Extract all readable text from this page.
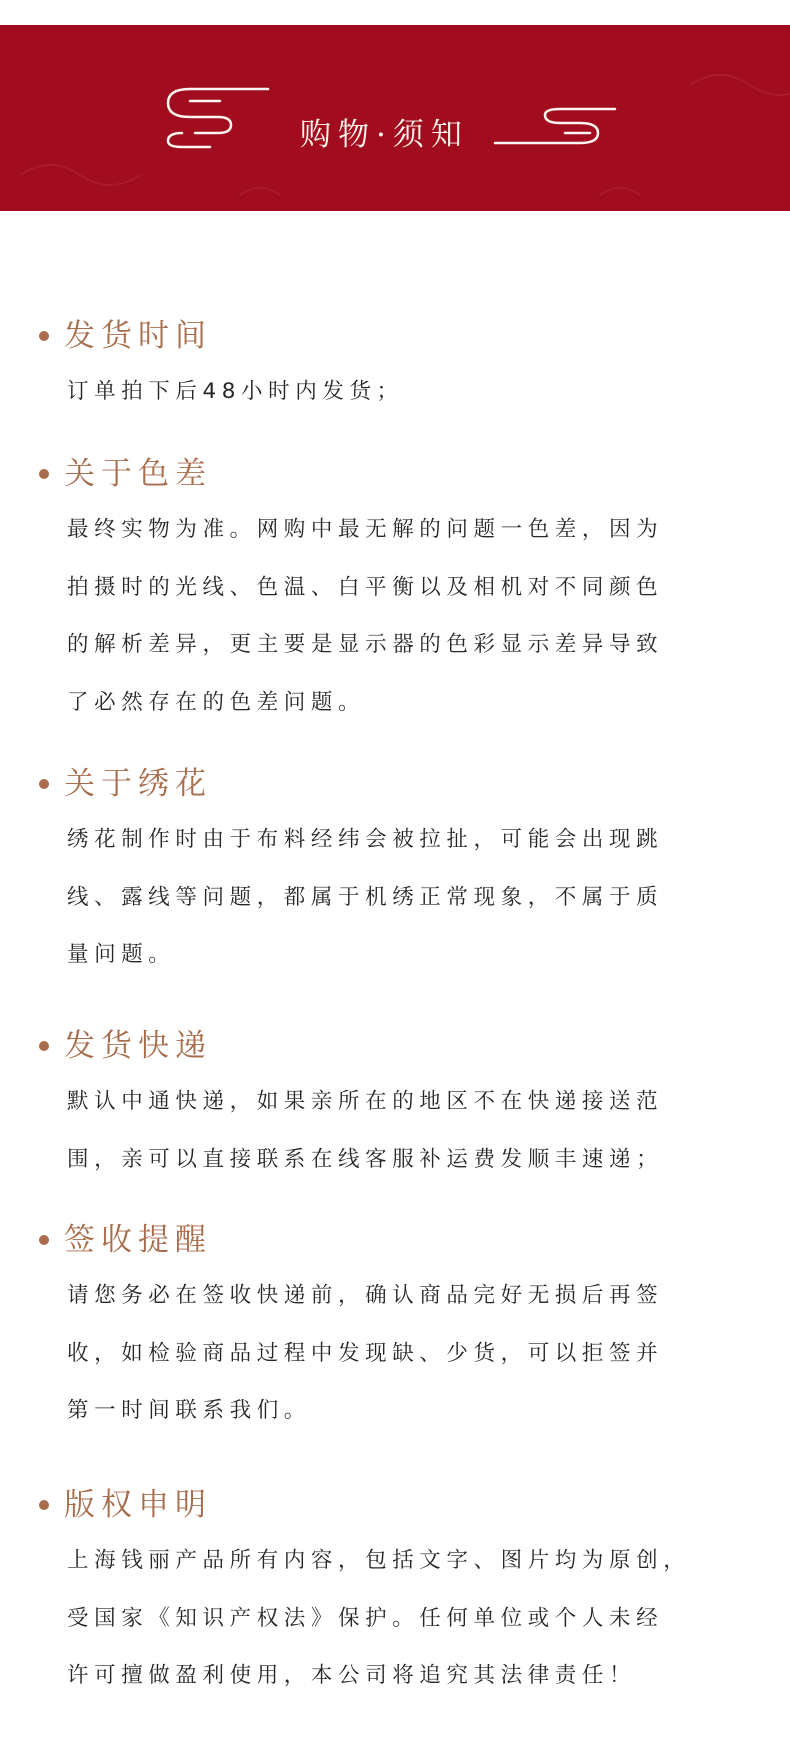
购物·须知
发货时间
订单拍下后48小时内发货；
关于色差
最终实物为准。网购中最无解的问题一色差，因为
拍摄时的光线、色温、白平衡以及相机对不同颜色
的解析差异，更主要是显示器的色彩显示差异导致
了必然存在的色差问题。
关于绣花
绣花制作时由于布料经纬会被拉扯，可能会出现跳
线、露线等问题，都属于机绣正常现象，不属于质
量问题。
发货快递
默认中通快递，如果亲所在的地区不在快递接送范
围，亲可以直接联系在线客服补运费发顺丰速递；
签收提醒
请您务必在签收快递前，确认商品完好无损后再签
收，如检验商品过程中发现缺、少货，可以拒签并
第一时间联系我们。
版权申明
上海钱丽产品所有内容，包括文字、图片均为原创，
受国家《知识产权法》保护。任何单位或个人未经
许可擅做盈利使用，本公司将追究其法律责任！
